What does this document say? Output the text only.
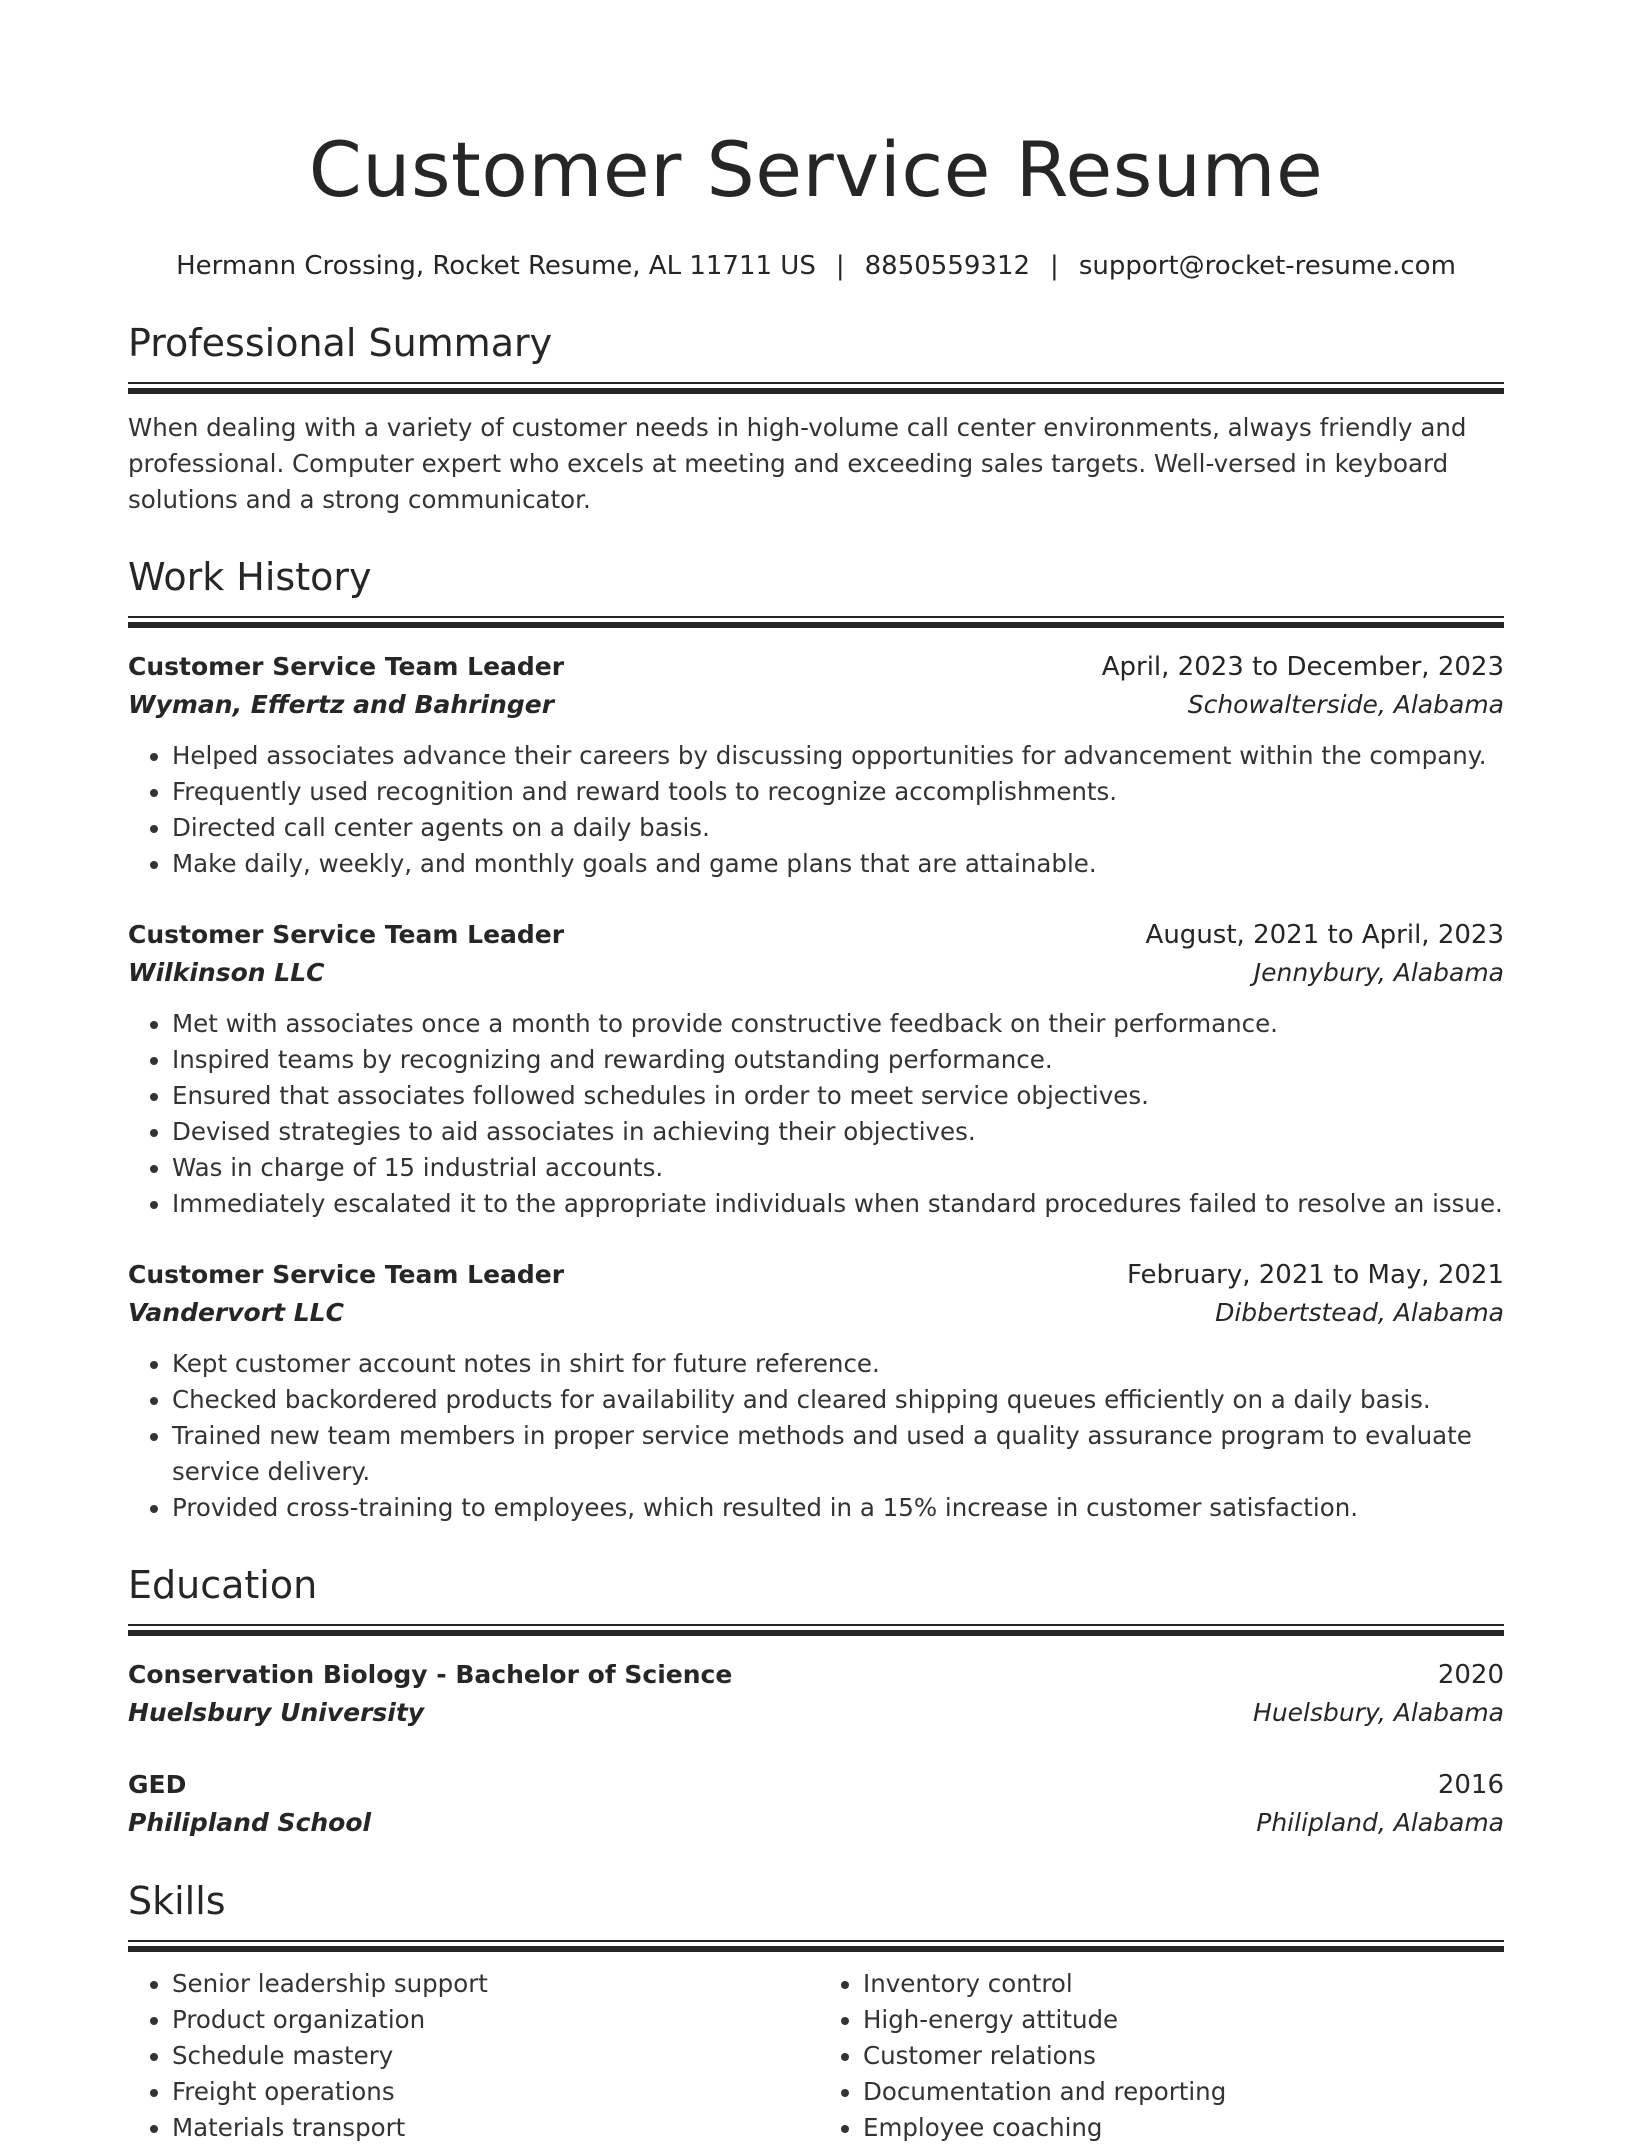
Customer Service Resume
Hermann Crossing, Rocket Resume, AL 11711 US | 8850559312 | support@rocket-resume.com
Professional Summary
When dealing with a variety of customer needs in high-volume call center environments, always friendly and professional. Computer expert who excels at meeting and exceeding sales targets. Well-versed in keyboard solutions and a strong communicator.
Work History
Customer Service Team Leader	April, 2023 to December, 2023
Wyman, Effertz and Bahringer	Schowalterside, Alabama
• Helped associates advance their careers by discussing opportunities for advancement within the company.
• Frequently used recognition and reward tools to recognize accomplishments.
• Directed call center agents on a daily basis.
• Make daily, weekly, and monthly goals and game plans that are attainable.
Customer Service Team Leader	August, 2021 to April, 2023
Wilkinson LLC	Jennybury, Alabama
• Met with associates once a month to provide constructive feedback on their performance.
• Inspired teams by recognizing and rewarding outstanding performance.
• Ensured that associates followed schedules in order to meet service objectives.
• Devised strategies to aid associates in achieving their objectives.
• Was in charge of 15 industrial accounts.
• Immediately escalated it to the appropriate individuals when standard procedures failed to resolve an issue.
Customer Service Team Leader	February, 2021 to May, 2021
Vandervort LLC	Dibbertstead, Alabama
• Kept customer account notes in shirt for future reference.
• Checked backordered products for availability and cleared shipping queues efficiently on a daily basis.
• Trained new team members in proper service methods and used a quality assurance program to evaluate service delivery.
• Provided cross-training to employees, which resulted in a 15% increase in customer satisfaction.
Education
Conservation Biology - Bachelor of Science	2020
Huelsbury University	Huelsbury, Alabama
GED	2016
Philipland School	Philipland, Alabama
Skills
• Senior leadership support
• Product organization
• Schedule mastery
• Freight operations
• Materials transport
• Inventory control
• High-energy attitude
• Customer relations
• Documentation and reporting
• Employee coaching
